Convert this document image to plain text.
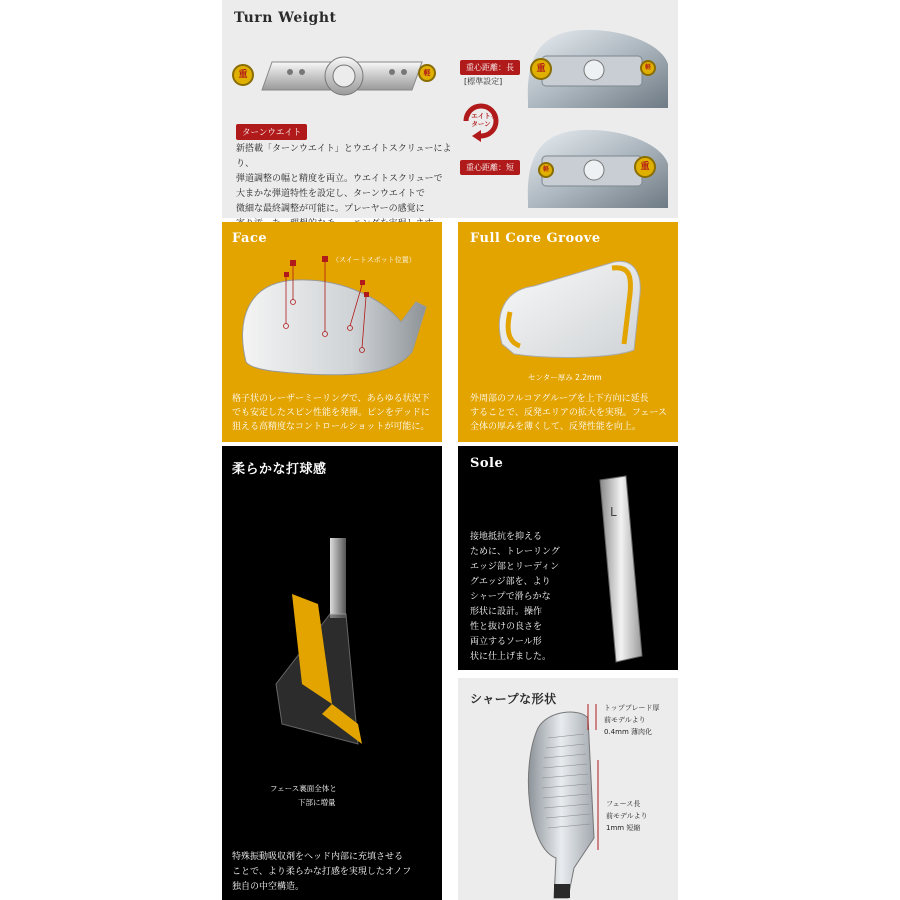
Turn Weight
重	軽
ターンウエイト
新搭載「ターンウエイト」とウエイトスクリューにより、
弾道調整の幅と精度を両立。ウエイトスクリューで
大まかな弾道特性を設定し、ターンウエイトで
微細な最終調整が可能に。プレーヤーの感覚に
重心距離：長
[標準設定]
ウエイトを
ターン
重心距離：短
重	軽
軽	重
Face
（スイートスポット位置）
格子状のレーザーミーリングで、あらゆる状況下
でも安定したスピン性能を発揮。ピンをデッドに
狙える高精度なコントロールショットが可能に。
Full Core Groove
センター厚み 2.2mm
外周部のフルコアグルーブを上下方向に延長
することで、反発エリアの拡大を実現。フェース
全体の厚みを薄くして、反発性能を向上。
柔らかな打球感
フェース裏面全体と
下部に増量
特殊振動吸収剤をヘッド内部に充填させる
ことで、より柔らかな打感を実現したオノフ
独自の中空構造。
Sole
L
接地抵抗を抑える
ために、トレーリング
エッジ部とリーディン
グエッジ部を、より
シャープで滑らかな
形状に設計。操作
性と抜けの良さを
両立するソール形
状に仕上げました。
シャープな形状
トップブレード厚
前モデルより
0.4mm 薄肉化
フェース長
前モデルより
1mm 短縮
